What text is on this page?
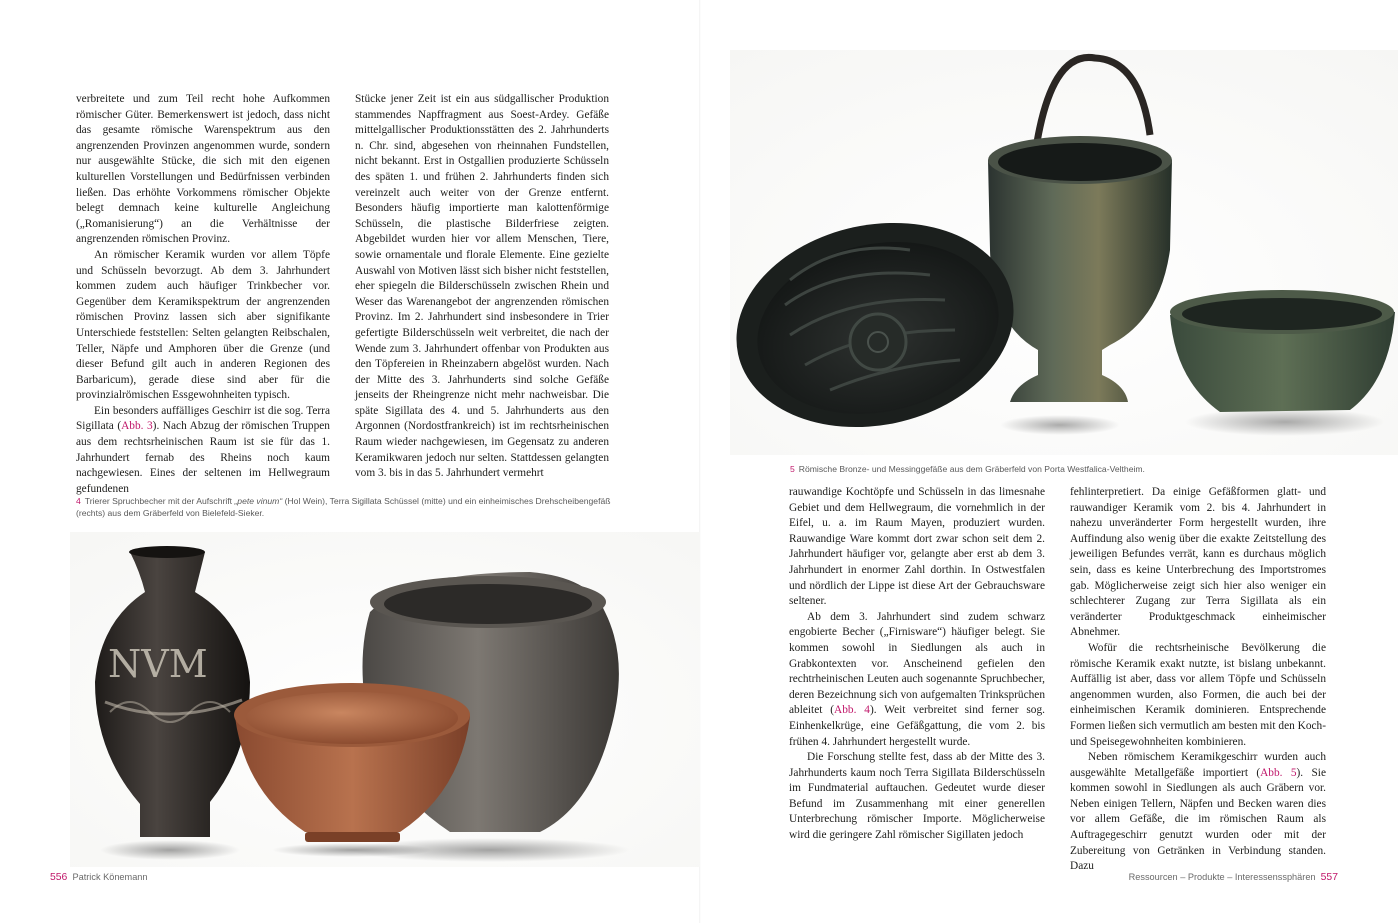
verbreitete und zum Teil recht hohe Aufkommen römischer Güter. Bemerkenswert ist jedoch, dass nicht das gesamte römische Warenspektrum aus den angrenzenden Provinzen angenommen wurde, sondern nur ausgewählte Stücke, die sich mit den eigenen kulturellen Vorstellungen und Bedürfnissen verbinden ließen. Das erhöhte Vorkommens römischer Objekte belegt demnach keine kulturelle Angleichung („Romanisierung“) an die Verhältnisse der angrenzenden römischen Provinz.

An römischer Keramik wurden vor allem Töpfe und Schüsseln bevorzugt. Ab dem 3. Jahrhundert kommen zudem auch häufiger Trinkbecher vor. Gegenüber dem Keramikspektrum der angrenzenden römischen Provinz lassen sich aber signifikante Unterschiede feststellen: Selten gelangten Reibschalen, Teller, Näpfe und Amphoren über die Grenze (und dieser Befund gilt auch in anderen Regionen des Barbaricum), gerade diese sind aber für die provinzialrömischen Essgewohnheiten typisch.

Ein besonders auffälliges Geschirr ist die sog. Terra Sigillata (Abb. 3). Nach Abzug der römischen Truppen aus dem rechtsrheinischen Raum ist sie für das 1. Jahrhundert fernab des Rheins noch kaum nachgewiesen. Eines der seltenen im Hellwegraum gefundenen

Stücke jener Zeit ist ein aus südgallischer Produktion stammendes Napffragment aus Soest-Ardey. Gefäße mittelgallischer Produktionsstätten des 2. Jahrhunderts n. Chr. sind, abgesehen von rheinnahen Fundstellen, nicht bekannt. Erst in Ostgallien produzierte Schüsseln des späten 1. und frühen 2. Jahrhunderts finden sich vereinzelt auch weiter von der Grenze entfernt. Besonders häufig importierte man kalottenförmige Schüsseln, die plastische Bilderfriese zeigten. Abgebildet wurden hier vor allem Menschen, Tiere, sowie ornamentale und florale Elemente. Eine gezielte Auswahl von Motiven lässt sich bisher nicht feststellen, eher spiegeln die Bilderschüsseln zwischen Rhein und Weser das Warenangebot der angrenzenden römischen Provinz. Im 2. Jahrhundert sind insbesondere in Trier gefertigte Bilderschüsseln weit verbreitet, die nach der Wende zum 3. Jahrhundert offenbar von Produkten aus den Töpfereien in Rheinzabern abgelöst wurden. Nach der Mitte des 3. Jahrhunderts sind solche Gefäße jenseits der Rheingrenze nicht mehr nachweisbar. Die späte Sigillata des 4. und 5. Jahrhunderts aus den Argonnen (Nordostfrankreich) ist im rechtsrheinischen Raum wieder nachgewiesen, im Gegensatz zu anderen Keramikwaren jedoch nur selten. Stattdessen gelangten vom 3. bis in das 5. Jahrhundert vermehrt

4 Trierer Spruchbecher mit der Aufschrift „pete vinum“ (Hol Wein), Terra Sigillata Schüssel (mitte) und ein einheimisches Drehscheibengefäß (rechts) aus dem Gräberfeld von Bielefeld-Sieker.
NVM
556 Patrick Könemann
5 Römische Bronze- und Messinggefäße aus dem Gräberfeld von Porta Westfalica-Veltheim.

rauwandige Kochtöpfe und Schüsseln in das limesnahe Gebiet und dem Hellwegraum, die vornehmlich in der Eifel, u. a. im Raum Mayen, produziert wurden. Rauwandige Ware kommt dort zwar schon seit dem 2. Jahrhundert häufiger vor, gelangte aber erst ab dem 3. Jahrhundert in enormer Zahl dorthin. In Ostwestfalen und nördlich der Lippe ist diese Art der Gebrauchsware seltener.

Ab dem 3. Jahrhundert sind zudem schwarz engobierte Becher („Firnisware“) häufiger belegt. Sie kommen sowohl in Siedlungen als auch in Grabkontexten vor. Anscheinend gefielen den rechtrheinischen Leuten auch sogenannte Spruchbecher, deren Bezeichnung sich von aufgemalten Trinksprüchen ableitet (Abb. 4). Weit verbreitet sind ferner sog. Einhenkelkrüge, eine Gefäßgattung, die vom 2. bis frühen 4. Jahrhundert hergestellt wurde.

Die Forschung stellte fest, dass ab der Mitte des 3. Jahrhunderts kaum noch Terra Sigillata Bilderschüsseln im Fundmaterial auftauchen. Gedeutet wurde dieser Befund im Zusammenhang mit einer generellen Unterbrechung römischer Importe. Möglicherweise wird die geringere Zahl römischer Sigillaten jedoch

fehlinterpretiert. Da einige Gefäßformen glatt- und rauwandiger Keramik vom 2. bis 4. Jahrhundert in nahezu unveränderter Form hergestellt wurden, ihre Auffindung also wenig über die exakte Zeitstellung des jeweiligen Befundes verrät, kann es durchaus möglich sein, dass es keine Unterbrechung des Importstromes gab. Möglicherweise zeigt sich hier also weniger ein schlechterer Zugang zur Terra Sigillata als ein veränderter Produktgeschmack einheimischer Abnehmer.

Wofür die rechtsrheinische Bevölkerung die römische Keramik exakt nutzte, ist bislang unbekannt. Auffällig ist aber, dass vor allem Töpfe und Schüsseln angenommen wurden, also Formen, die auch bei der einheimischen Keramik dominieren. Entsprechende Formen ließen sich vermutlich am besten mit den Koch- und Speisegewohnheiten kombinieren.

Neben römischem Keramikgeschirr wurden auch ausgewählte Metallgefäße importiert (Abb. 5). Sie kommen sowohl in Siedlungen als auch Gräbern vor. Neben einigen Tellern, Näpfen und Becken waren dies vor allem Gefäße, die im römischen Raum als Auftragegeschirr genutzt wurden oder mit der Zubereitung von Getränken in Verbindung standen. Dazu

Ressourcen – Produkte – Interessenssphären 557
